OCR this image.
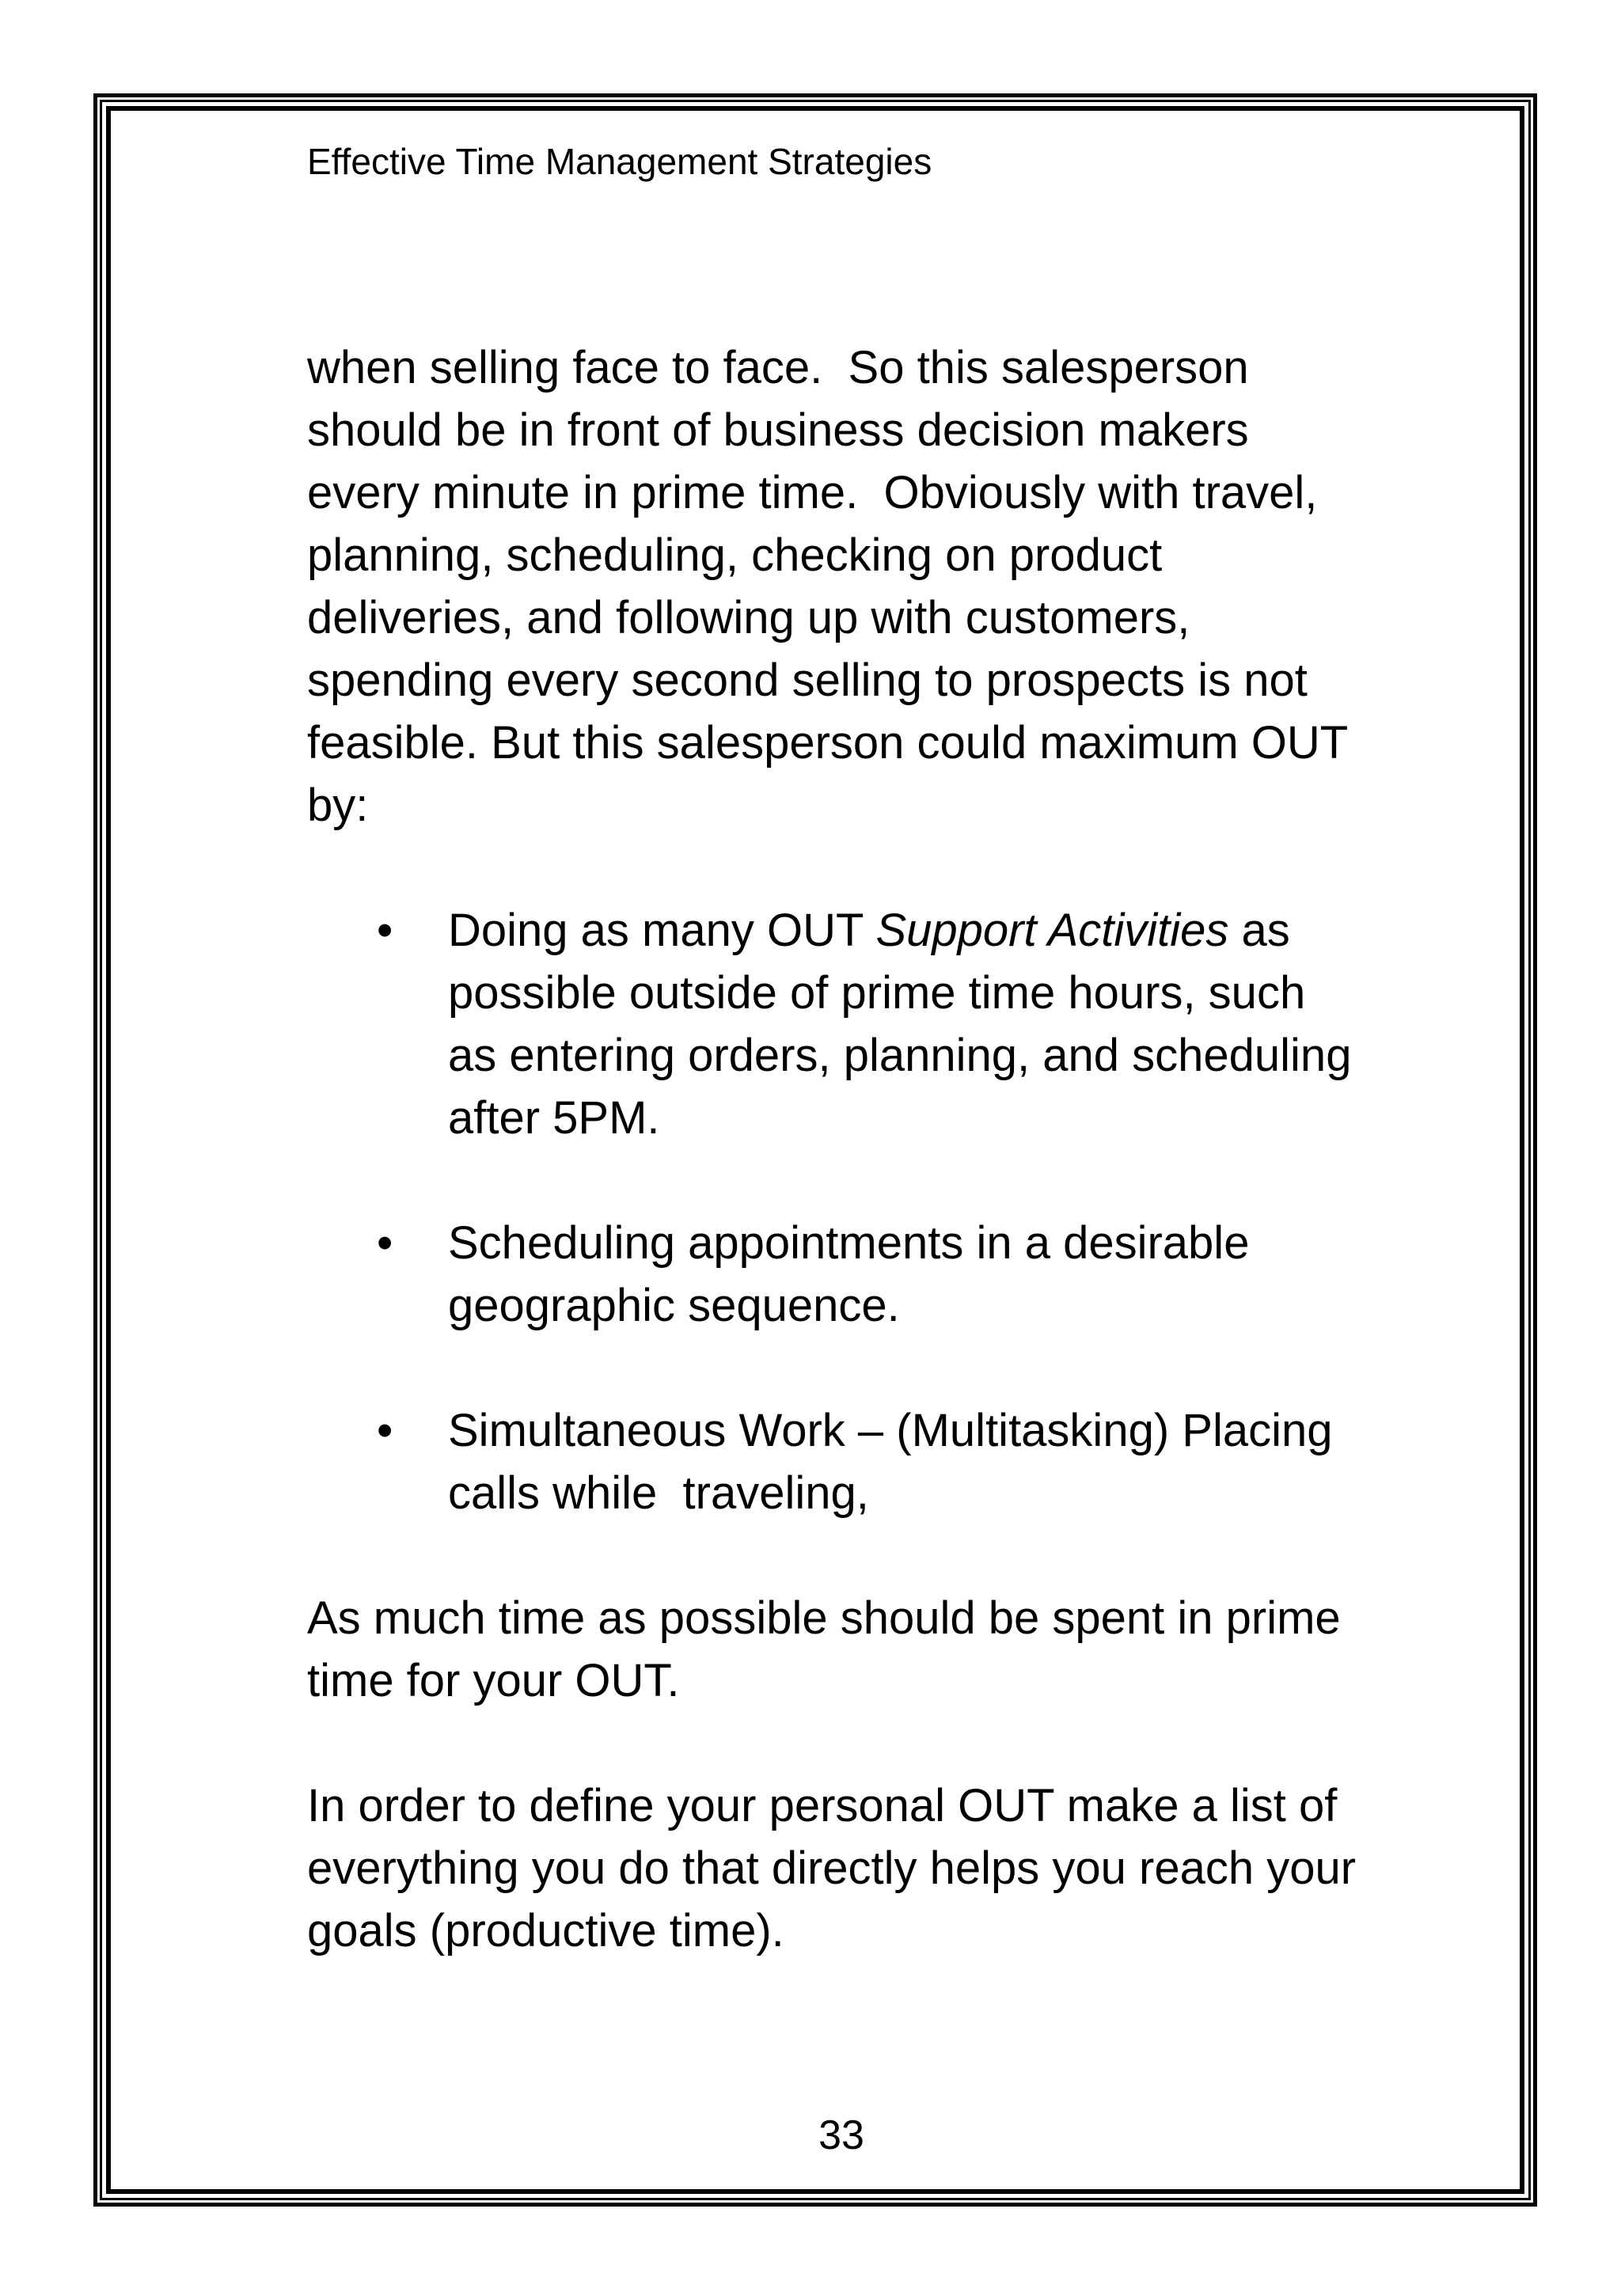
Effective Time Management Strategies

when selling face to face.  So this salesperson
should be in front of business decision makers
every minute in prime time.  Obviously with travel,
planning, scheduling, checking on product
deliveries, and following up with customers,
spending every second selling to prospects is not
feasible. But this salesperson could maximum OUT
by:

•	Doing as many OUT Support Activities as
possible outside of prime time hours, such
as entering orders, planning, and scheduling
after 5PM.
•	Scheduling appointments in a desirable
geographic sequence.
•	Simultaneous Work – (Multitasking) Placing
calls while  traveling,

As much time as possible should be spent in prime
time for your OUT.

In order to define your personal OUT make a list of
everything you do that directly helps you reach your
goals (productive time).

33
